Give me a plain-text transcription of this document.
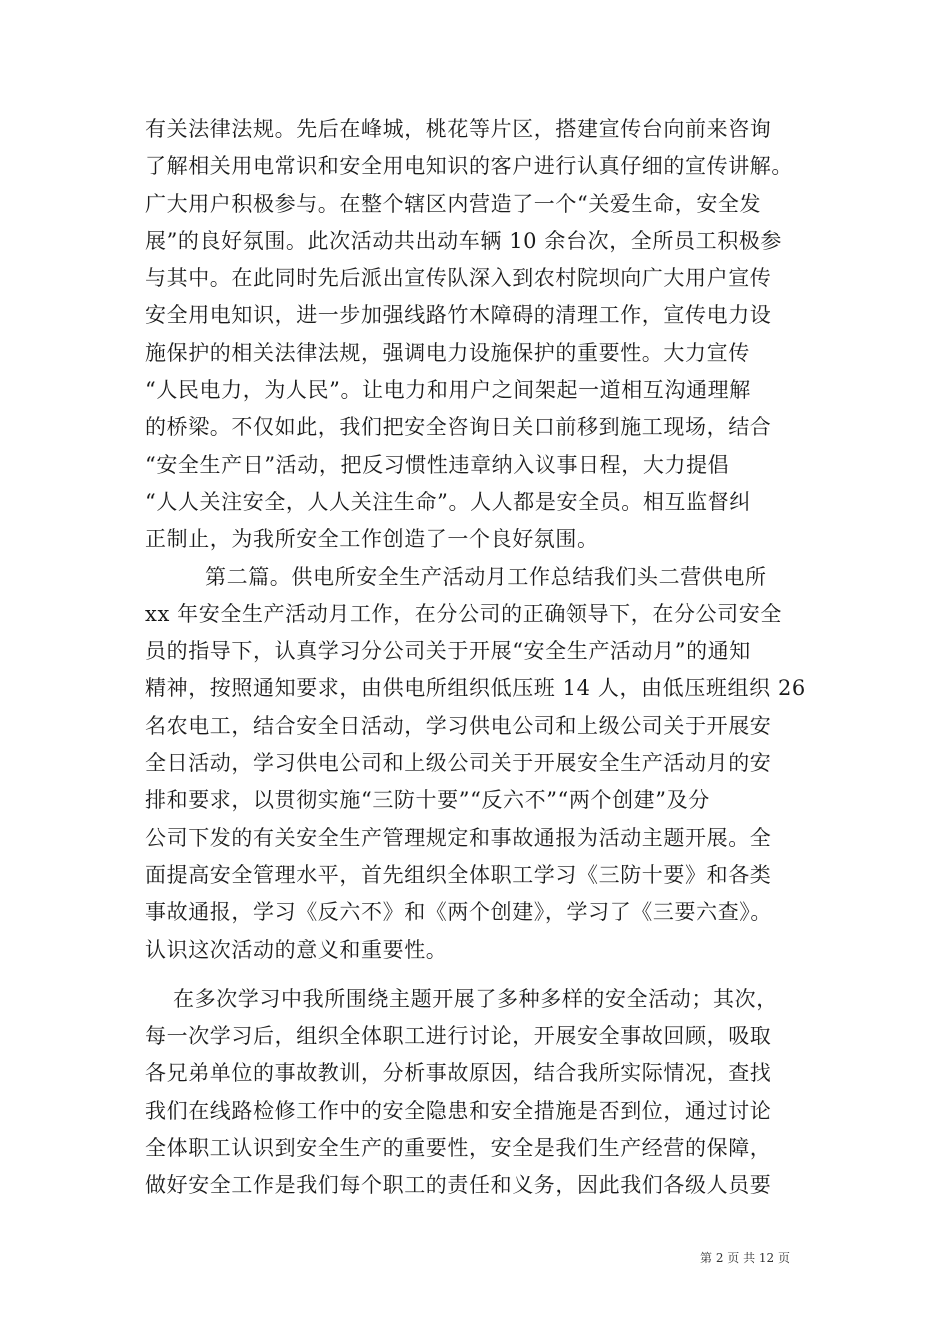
有关法律法规。先后在峰城，桃花等片区，搭建宣传台向前来咨询
了解相关用电常识和安全用电知识的客户进行认真仔细的宣传讲解。
广大用户积极参与。在整个辖区内营造了一个“关爱生命，安全发
展”的良好氛围。此次活动共出动车辆 10 余台次，全所员工积极参
与其中。在此同时先后派出宣传队深入到农村院坝向广大用户宣传
安全用电知识，进一步加强线路竹木障碍的清理工作，宣传电力设
施保护的相关法律法规，强调电力设施保护的重要性。大力宣传
“人民电力，为人民”。让电力和用户之间架起一道相互沟通理解
的桥梁。不仅如此，我们把安全咨询日关口前移到施工现场，结合
“安全生产日”活动，把反习惯性违章纳入议事日程，大力提倡
“人人关注安全，人人关注生命”。人人都是安全员。相互监督纠
正制止，为我所安全工作创造了一个良好氛围。
第二篇。供电所安全生产活动月工作总结我们头二营供电所
xx 年安全生产活动月工作，在分公司的正确领导下，在分公司安全
员的指导下，认真学习分公司关于开展“安全生产活动月”的通知
精神，按照通知要求，由供电所组织低压班 14 人，由低压班组织 26
名农电工，结合安全日活动，学习供电公司和上级公司关于开展安
全日活动，学习供电公司和上级公司关于开展安全生产活动月的安
排和要求，以贯彻实施“三防十要”“反六不”“两个创建”及分
公司下发的有关安全生产管理规定和事故通报为活动主题开展。全
面提高安全管理水平，首先组织全体职工学习《三防十要》和各类
事故通报，学习《反六不》和《两个创建》，学习了《三要六查》。
认识这次活动的意义和重要性。
在多次学习中我所围绕主题开展了多种多样的安全活动；其次，
每一次学习后，组织全体职工进行讨论，开展安全事故回顾，吸取
各兄弟单位的事故教训，分析事故原因，结合我所实际情况，查找
我们在线路检修工作中的安全隐患和安全措施是否到位，通过讨论
全体职工认识到安全生产的重要性，安全是我们生产经营的保障，
做好安全工作是我们每个职工的责任和义务，因此我们各级人员要
第 2 页 共 12 页
